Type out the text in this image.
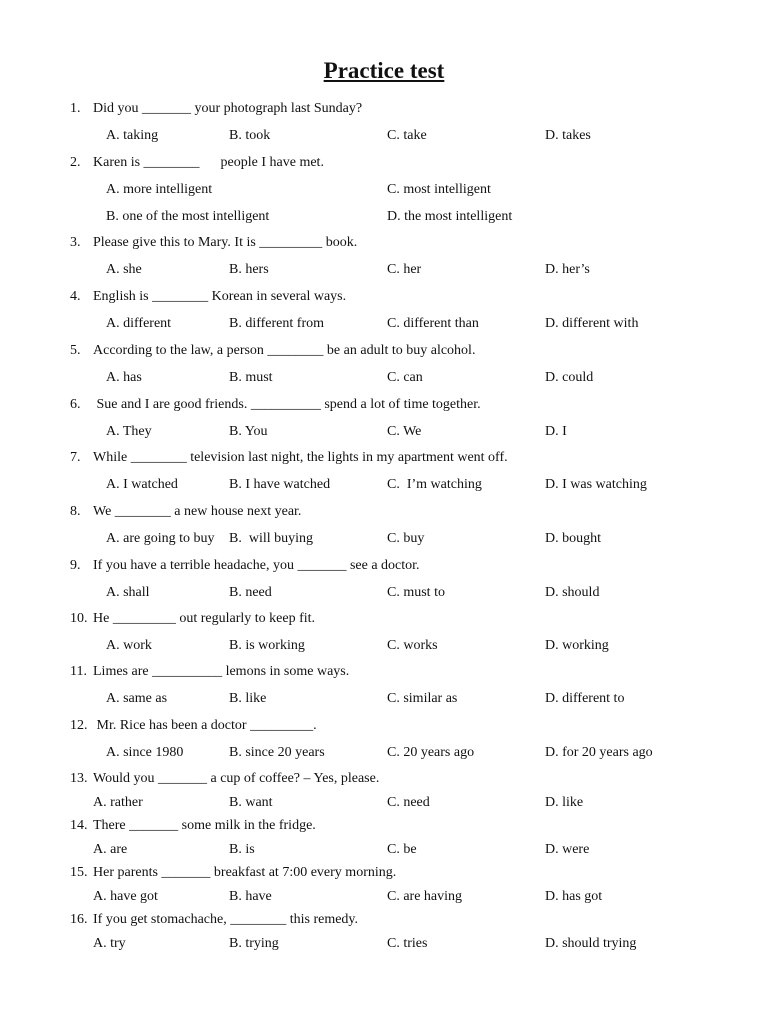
Practice test
1. Did you _______ your photograph last Sunday?
A. taking	B. took	C. take	D. takes
2. Karen is ________      people I have met.
A. more intelligent	C. most intelligent
B. one of the most intelligent	D. the most intelligent
3. Please give this to Mary. It is _________ book.
A. she	B. hers	C. her	D. her’s
4. English is ________ Korean in several ways.
A. different	B. different from	C. different than	D. different with
5. According to the law, a person ________ be an adult to buy alcohol.
A. has	B. must	C. can	D. could
6. Sue and I are good friends. __________ spend a lot of time together.
A. They	B. You	C. We	D. I
7. While ________ television last night, the lights in my apartment went off.
A. I watched	B. I have watched	C.  I’m watching	D. I was watching
8. We ________ a new house next year.
A. are going to buy B.  will buying	C. buy	D. bought
9. If you have a terrible headache, you _______ see a doctor.
A. shall	B. need	C. must to	D. should
10. He _________ out regularly to keep fit.
A. work	B. is working	C. works	D. working
11. Limes are __________ lemons in some ways.
A. same as	B. like	C. similar as	D. different to
12. Mr. Rice has been a doctor _________.
A. since 1980	B. since 20 years	C. 20 years ago	D. for 20 years ago
13. Would you _______ a cup of coffee? – Yes, please.
A. rather	B. want	C. need	D. like
14. There _______ some milk in the fridge.
A. are	B. is	C. be	D. were
15. Her parents _______ breakfast at 7:00 every morning.
A. have got	B. have	C. are having	D. has got
16. If you get stomachache, ________ this remedy.
A. try	B. trying	C. tries	D. should trying
